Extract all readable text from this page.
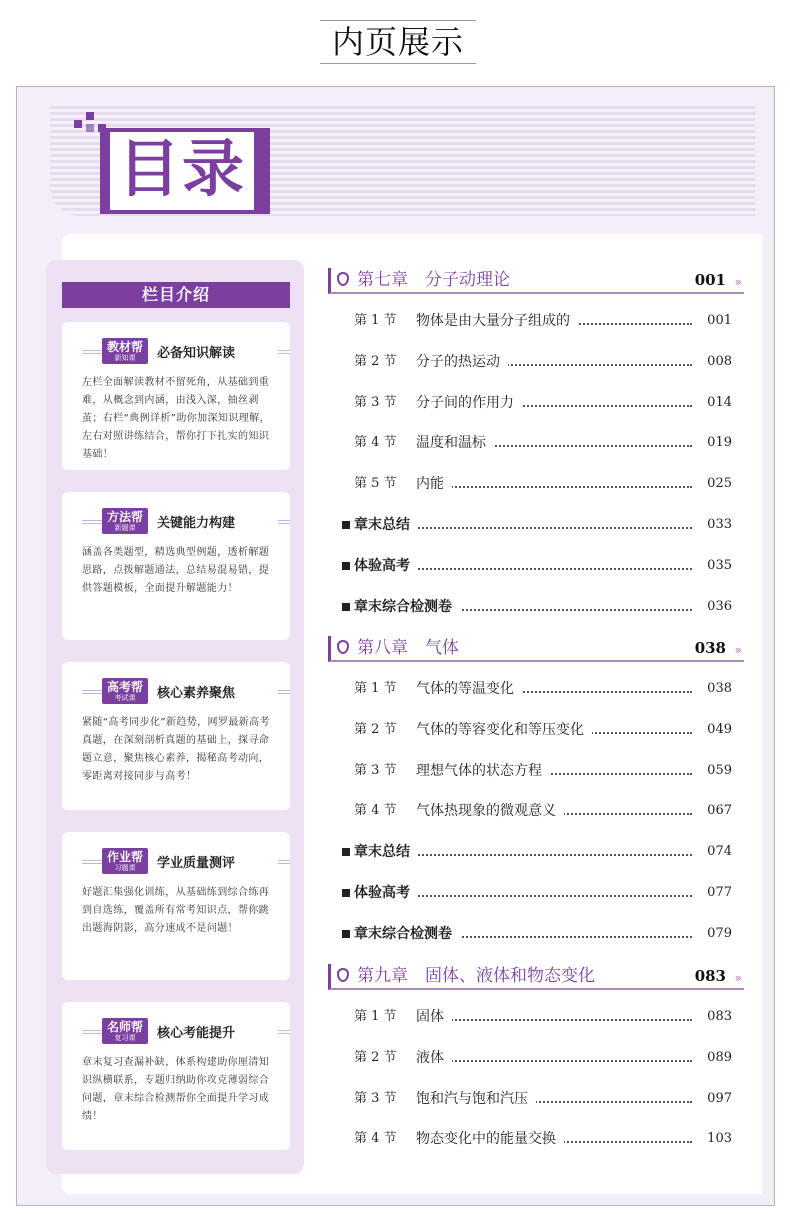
内页展示
目录
栏目介绍
教材帮
新知课	必备知识解读
左栏全面解读教材不留死角，从基础到重难，从概念到内涵，由浅入深，抽丝剥茧；右栏“典例详析”助你加深知识理解，左右对照讲练结合，帮你打下扎实的知识基础！
方法帮
新题课	关键能力构建
涵盖各类题型，精选典型例题，透析解题思路，点拨解题通法，总结易混易错，提供答题模板，全面提升解题能力！
高考帮
考试课	核心素养聚焦
紧随“高考同步化”新趋势，网罗最新高考真题，在深刻剖析真题的基础上，探寻命题立意，聚焦核心素养，揭秘高考动向，零距离对接同步与高考！
作业帮
习题课	学业质量测评
好题汇集强化训练，从基础练到综合练再到自选练，覆盖所有常考知识点，帮你跳出题海阴影，高分速成不是问题！
名师帮
复习课	核心考能提升
章末复习查漏补缺，体系构建助你厘清知识纵横联系，专题归纳助你攻克薄弱综合问题，章末综合检测帮你全面提升学习成绩！
第七章　分子动理论	001 »
第 1 节 物体是由大量分子组成的	001
第 2 节 分子的热运动	008
第 3 节 分子间的作用力	014
第 4 节 温度和温标	019
第 5 节 内能	025
章末总结	033
体验高考	035
章末综合检测卷	036
第八章　气体	038 »
第 1 节 气体的等温变化	038
第 2 节 气体的等容变化和等压变化	049
第 3 节 理想气体的状态方程	059
第 4 节 气体热现象的微观意义	067
章末总结	074
体验高考	077
章末综合检测卷	079
第九章　固体、液体和物态变化	083 »
第 1 节 固体	083
第 2 节 液体	089
第 3 节 饱和汽与饱和汽压	097
第 4 节 物态变化中的能量交换	103
